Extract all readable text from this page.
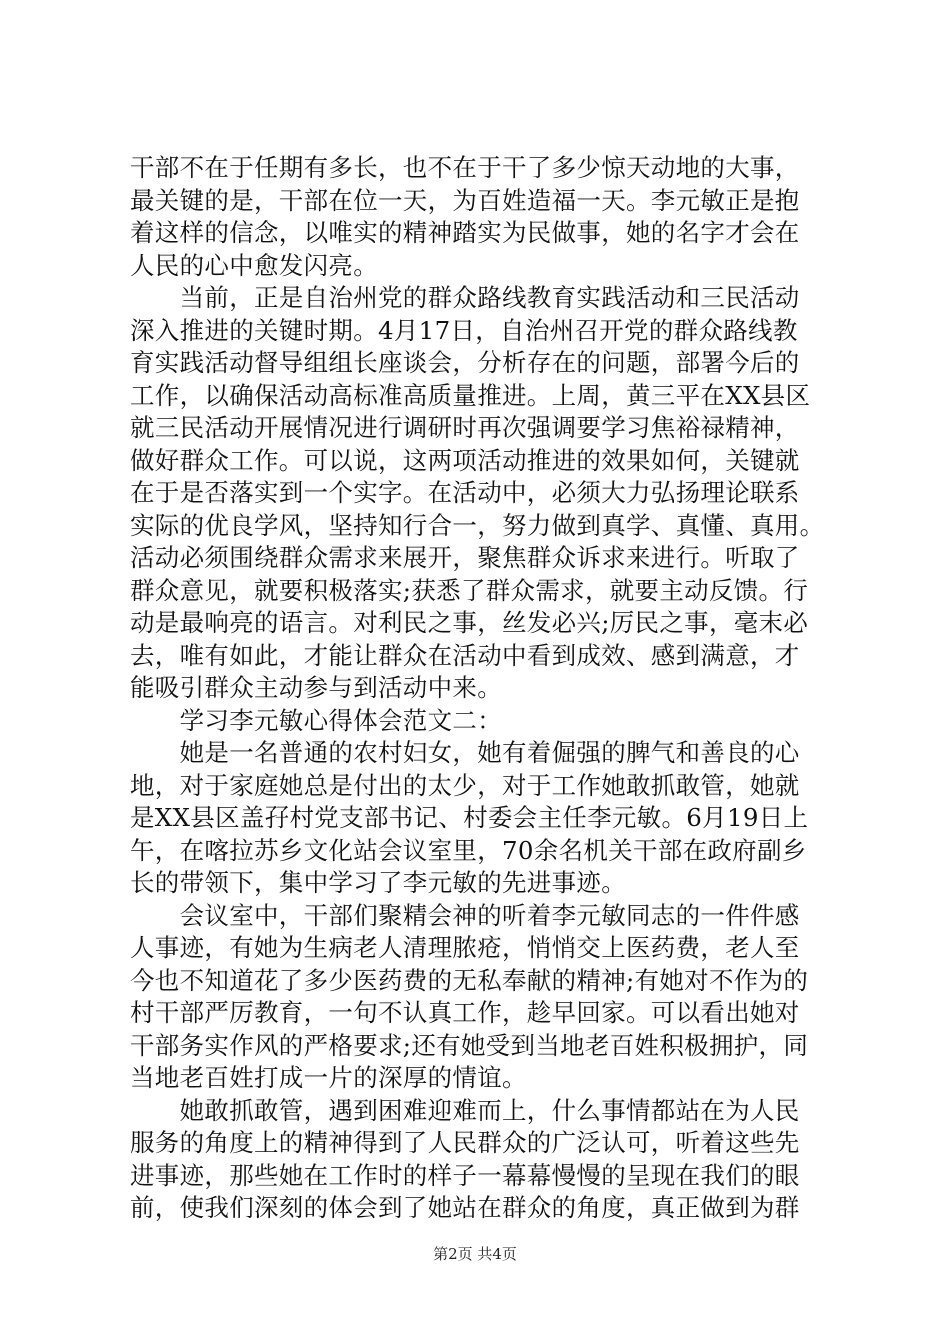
干部不在于任期有多长，也不在于干了多少惊天动地的大事，
最关键的是，干部在位一天，为百姓造福一天。李元敏正是抱
着这样的信念，以唯实的精神踏实为民做事，她的名字才会在
人民的心中愈发闪亮。
　　当前，正是自治州党的群众路线教育实践活动和三民活动
深入推进的关键时期。4月17日，自治州召开党的群众路线教
育实践活动督导组组长座谈会，分析存在的问题，部署今后的
工作，以确保活动高标准高质量推进。上周，黄三平在XX县区
就三民活动开展情况进行调研时再次强调要学习焦裕禄精神，
做好群众工作。可以说，这两项活动推进的效果如何，关键就
在于是否落实到一个实字。在活动中，必须大力弘扬理论联系
实际的优良学风，坚持知行合一，努力做到真学、真懂、真用。
活动必须围绕群众需求来展开，聚焦群众诉求来进行。听取了
群众意见，就要积极落实;获悉了群众需求，就要主动反馈。行
动是最响亮的语言。对利民之事，丝发必兴;厉民之事，毫末必
去，唯有如此，才能让群众在活动中看到成效、感到满意，才
能吸引群众主动参与到活动中来。
　　学习李元敏心得体会范文二：
　　她是一名普通的农村妇女，她有着倔强的脾气和善良的心
地，对于家庭她总是付出的太少，对于工作她敢抓敢管，她就
是XX县区盖孖村党支部书记、村委会主任李元敏。6月19日上
午，在喀拉苏乡文化站会议室里，70余名机关干部在政府副乡
长的带领下，集中学习了李元敏的先进事迹。
　　会议室中，干部们聚精会神的听着李元敏同志的一件件感
人事迹，有她为生病老人清理脓疮，悄悄交上医药费，老人至
今也不知道花了多少医药费的无私奉献的精神;有她对不作为的
村干部严厉教育，一句不认真工作，趁早回家。可以看出她对
干部务实作风的严格要求;还有她受到当地老百姓积极拥护，同
当地老百姓打成一片的深厚的情谊。
　　她敢抓敢管，遇到困难迎难而上，什么事情都站在为人民
服务的角度上的精神得到了人民群众的广泛认可，听着这些先
进事迹，那些她在工作时的样子一幕幕慢慢的呈现在我们的眼
前，使我们深刻的体会到了她站在群众的角度，真正做到为群
第2页 共4页
